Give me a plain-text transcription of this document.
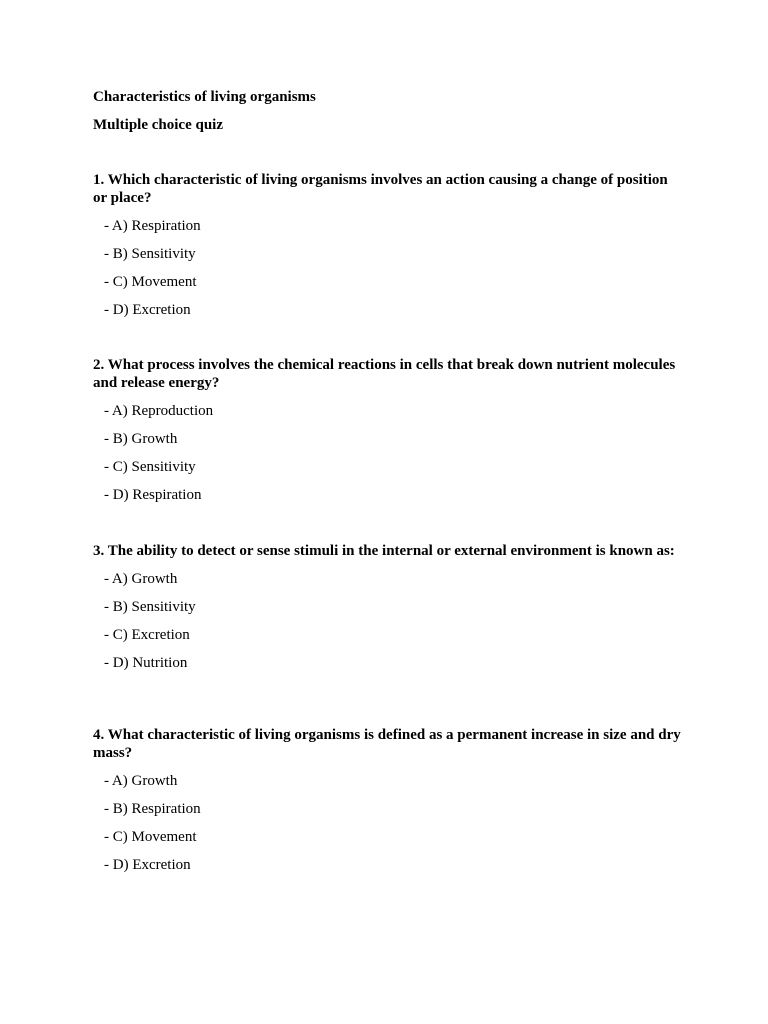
Characteristics of living organisms
Multiple choice quiz

1. Which characteristic of living organisms involves an action causing a change of position or place?

- A) Respiration
- B) Sensitivity
- C) Movement
- D) Excretion

2. What process involves the chemical reactions in cells that break down nutrient molecules and release energy?

- A) Reproduction
- B) Growth
- C) Sensitivity
- D) Respiration

3. The ability to detect or sense stimuli in the internal or external environment is known as:

- A) Growth
- B) Sensitivity
- C) Excretion
- D) Nutrition

4. What characteristic of living organisms is defined as a permanent increase in size and dry mass?

- A) Growth
- B) Respiration
- C) Movement
- D) Excretion
